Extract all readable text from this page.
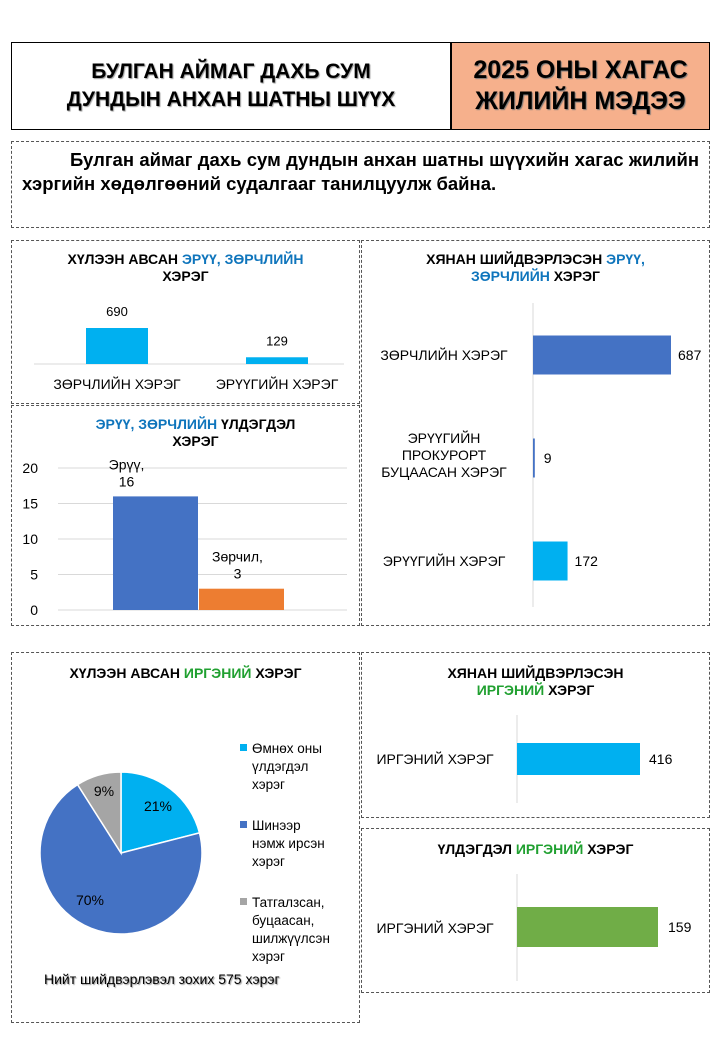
БУЛГАН АЙМАГ ДАХЬ СУМ
ДУНДЫН АНХАН ШАТНЫ ШҮҮХ
2025 ОНЫ ХАГАС
ЖИЛИЙН МЭДЭЭ
Булган аймаг дахь сум дундын анхан шатны шүүхийн хагас жилийн хэргийн хөдөлгөөний судалгааг танилцуулж байна.
ХҮЛЭЭН АВСАН ЭРҮҮ, ЗӨРЧЛИЙН
ХЭРЭГ
690
129
ЗӨРЧЛИЙН ХЭРЭГ	ЭРҮҮГИЙН ХЭРЭГ
ХЯНАН ШИЙДВЭРЛЭСЭН ЭРҮҮ,
ЗӨРЧЛИЙН ХЭРЭГ
687
9
172
ЗӨРЧЛИЙН ХЭРЭГ
ЭРҮҮГИЙН
ПРОКУРОРТ
БУЦААСАН ХЭРЭГ
ЭРҮҮГИЙН ХЭРЭГ
ЭРҮҮ, ЗӨРЧЛИЙН ҮЛДЭГДЭЛ
ХЭРЭГ
0
5
10
15
20	Эрүү,
16
Зөрчил,
3
ХҮЛЭЭН АВСАН ИРГЭНИЙ ХЭРЭГ
21%
70%
9%
Өмнөх оны
үлдэгдэл
хэрэг
Шинээр
нэмж ирсэн
хэрэг
Татгалзсан,
буцаасан,
шилжүүлсэн
хэрэг
Нийт шийдвэрлэвэл зохих 575 хэрэг
ХЯНАН ШИЙДВЭРЛЭСЭН
ИРГЭНИЙ ХЭРЭГ
416
ИРГЭНИЙ ХЭРЭГ
ҮЛДЭГДЭЛ ИРГЭНИЙ ХЭРЭГ
159
ИРГЭНИЙ ХЭРЭГ
